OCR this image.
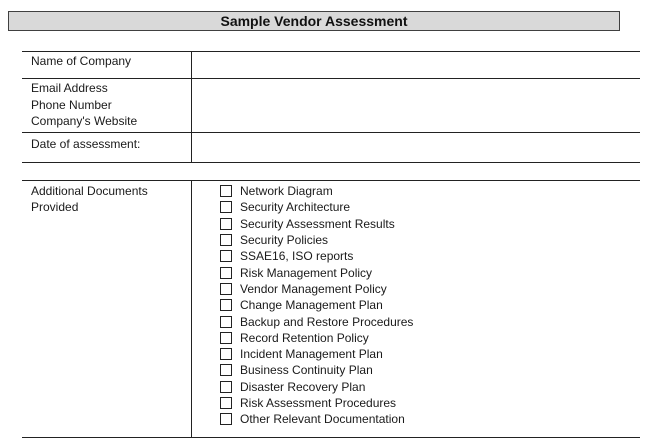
Sample Vendor Assessment
Name of Company
Email Address
Phone Number
Company's Website
Date of assessment:
Additional Documents
Provided
Network Diagram
Security Architecture
Security Assessment Results
Security Policies
SSAE16, ISO reports
Risk Management Policy
Vendor Management Policy
Change Management Plan
Backup and Restore Procedures
Record Retention Policy
Incident Management Plan
Business Continuity Plan
Disaster Recovery Plan
Risk Assessment Procedures
Other Relevant Documentation
